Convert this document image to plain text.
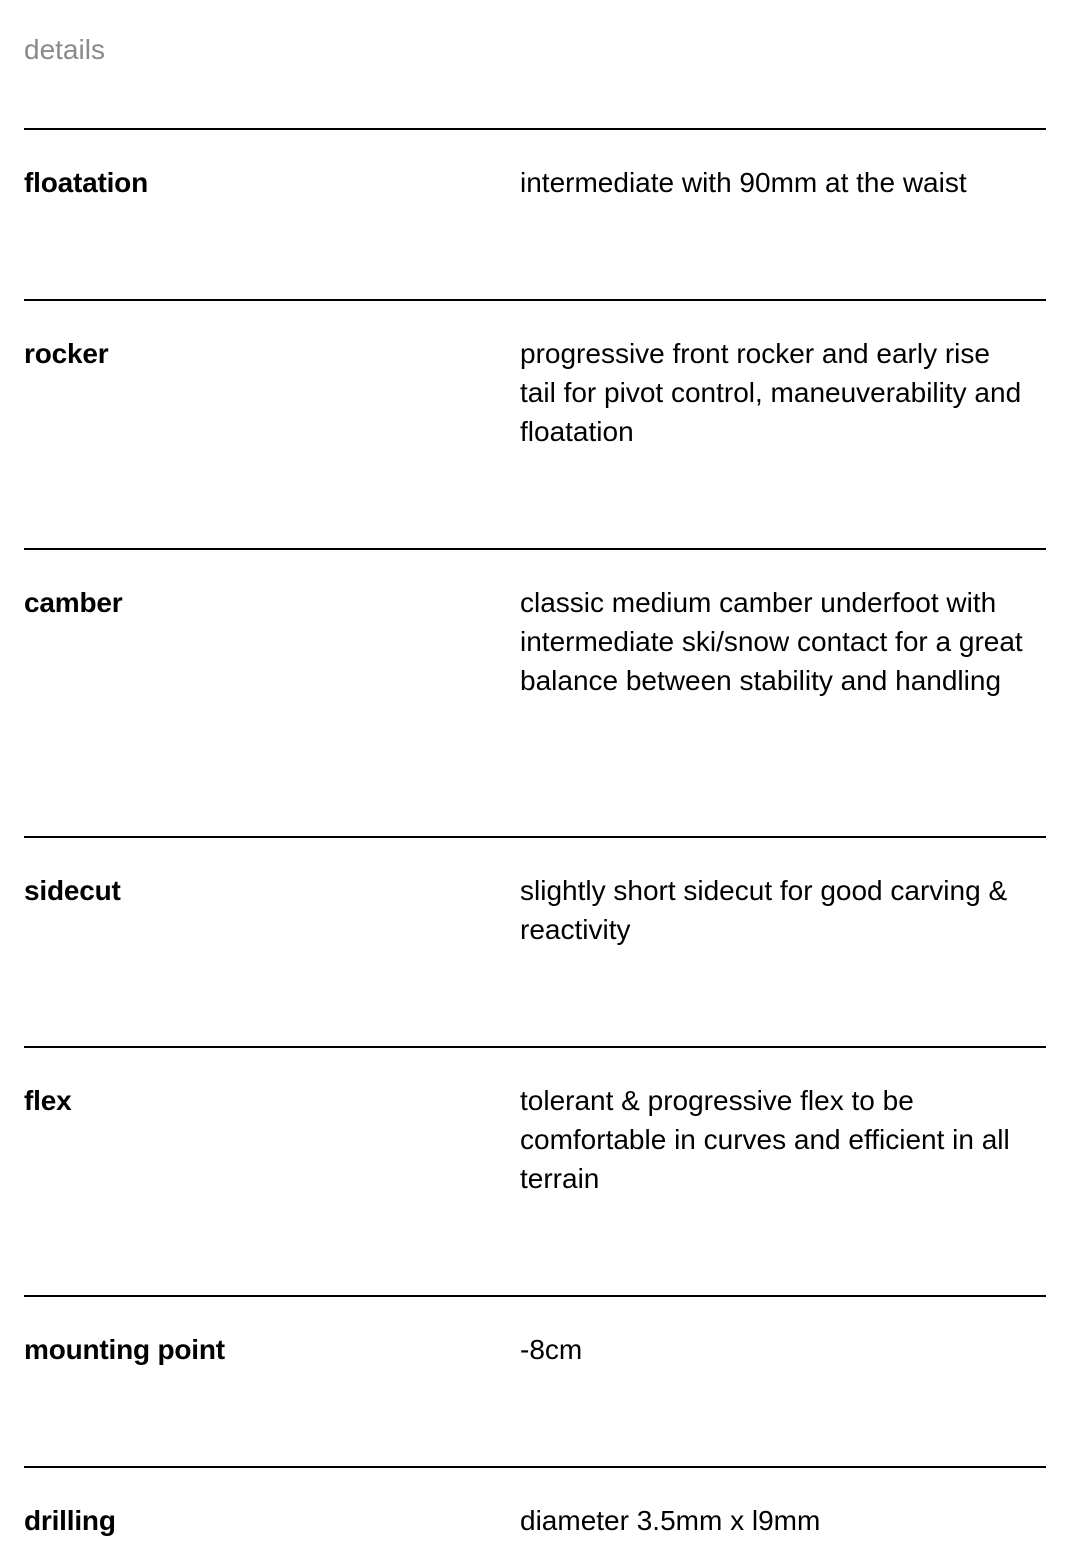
details
floatation	intermediate with 90mm at the waist
rocker	progressive front rocker and early rise tail for pivot control, maneuverability and floatation
camber	classic medium camber underfoot with intermediate ski/snow contact for a great balance between stability and handling
sidecut	slightly short sidecut for good carving & reactivity
flex	tolerant & progressive flex to be comfortable in curves and efficient in all terrain
mounting point	-8cm
drilling	diameter 3.5mm x l9mm
